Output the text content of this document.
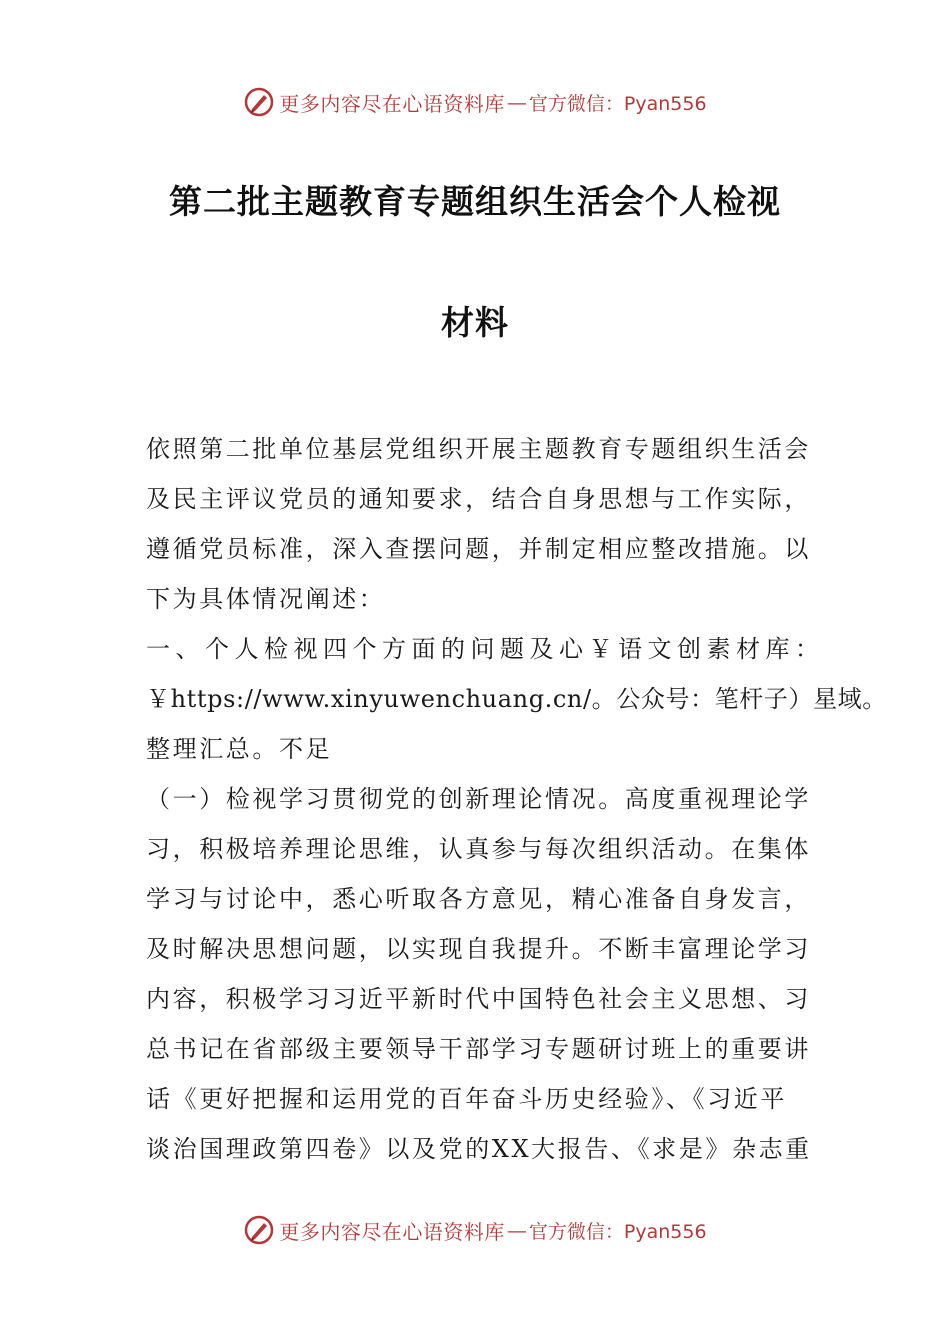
更多内容尽在心语资料库 — 官方微信：Pyan556
第二批主题教育专题组织生活会个人检视
材料
依照第二批单位基层党组织开展主题教育专题组织生活会
及民主评议党员的通知要求，结合自身思想与工作实际，
遵循党员标准，深入查摆问题，并制定相应整改措施。以
下为具体情况阐述：
一、个人检视四个方面的问题及心￥语文创素材库：
￥https://www.xinyuwenchuang.cn/。公众号：笔杆子）星域。
整理汇总。不足
（一）检视学习贯彻党的创新理论情况。高度重视理论学
习，积极培养理论思维，认真参与每次组织活动。在集体
学习与讨论中，悉心听取各方意见，精心准备自身发言，
及时解决思想问题，以实现自我提升。不断丰富理论学习
内容，积极学习习近平新时代中国特色社会主义思想、习
总书记在省部级主要领导干部学习专题研讨班上的重要讲
话《更好把握和运用党的百年奋斗历史经验》、《习近平
谈治国理政第四卷》以及党的XX大报告、《求是》杂志重
更多内容尽在心语资料库 — 官方微信：Pyan556
